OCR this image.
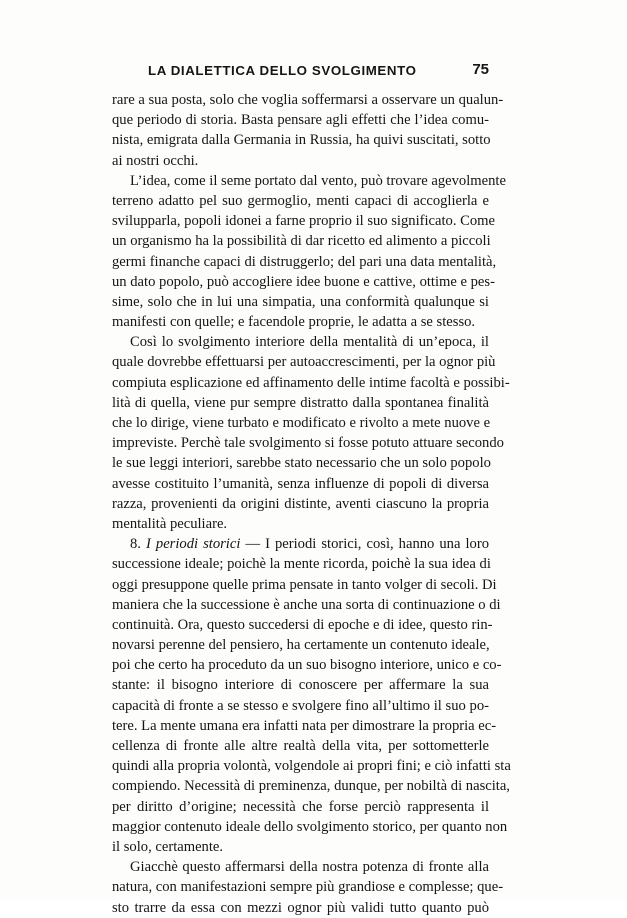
LA DIALETTICA DELLO SVOLGIMENTO	75
rare a sua posta, solo che voglia soffermarsi a osservare un qualun-
que periodo di storia. Basta pensare agli effetti che l’idea comu-
nista, emigrata dalla Germania in Russia, ha quivi suscitati, sotto
ai nostri occhi.
L’idea, come il seme portato dal vento, può trovare agevolmente
terreno adatto pel suo germoglio, menti capaci di accoglierla e
svilupparla, popoli idonei a farne proprio il suo significato. Come
un organismo ha la possibilità di dar ricetto ed alimento a piccoli
germi finanche capaci di distruggerlo; del pari una data mentalità,
un dato popolo, può accogliere idee buone e cattive, ottime e pes-
sime, solo che in lui una simpatia, una conformità qualunque si
manifesti con quelle; e facendole proprie, le adatta a se stesso.
Così lo svolgimento interiore della mentalità di un’epoca, il
quale dovrebbe effettuarsi per autoaccrescimenti, per la ognor più
compiuta esplicazione ed affinamento delle intime facoltà e possibi-
lità di quella, viene pur sempre distratto dalla spontanea finalità
che lo dirige, viene turbato e modificato e rivolto a mete nuove e
impreviste. Perchè tale svolgimento si fosse potuto attuare secondo
le sue leggi interiori, sarebbe stato necessario che un solo popolo
avesse costituito l’umanità, senza influenze di popoli di diversa
razza, provenienti da origini distinte, aventi ciascuno la propria
mentalità peculiare.
8. I periodi storici — I periodi storici, così, hanno una loro
successione ideale; poichè la mente ricorda, poichè la sua idea di
oggi presuppone quelle prima pensate in tanto volger di secoli. Di
maniera che la successione è anche una sorta di continuazione o di
continuità. Ora, questo succedersi di epoche e di idee, questo rin-
novarsi perenne del pensiero, ha certamente un contenuto ideale,
poi che certo ha proceduto da un suo bisogno interiore, unico e co-
stante: il bisogno interiore di conoscere per affermare la sua
capacità di fronte a se stesso e svolgere fino all’ultimo il suo po-
tere. La mente umana era infatti nata per dimostrare la propria ec-
cellenza di fronte alle altre realtà della vita, per sottometterle
quindi alla propria volontà, volgendole ai propri fini; e ciò infatti sta
compiendo. Necessità di preminenza, dunque, per nobiltà di nascita,
per diritto d’origine; necessità che forse perciò rappresenta il
maggior contenuto ideale dello svolgimento storico, per quanto non
il solo, certamente.
Giacchè questo affermarsi della nostra potenza di fronte alla
natura, con manifestazioni sempre più grandiose e complesse; que-
sto trarre da essa con mezzi ognor più validi tutto quanto può
